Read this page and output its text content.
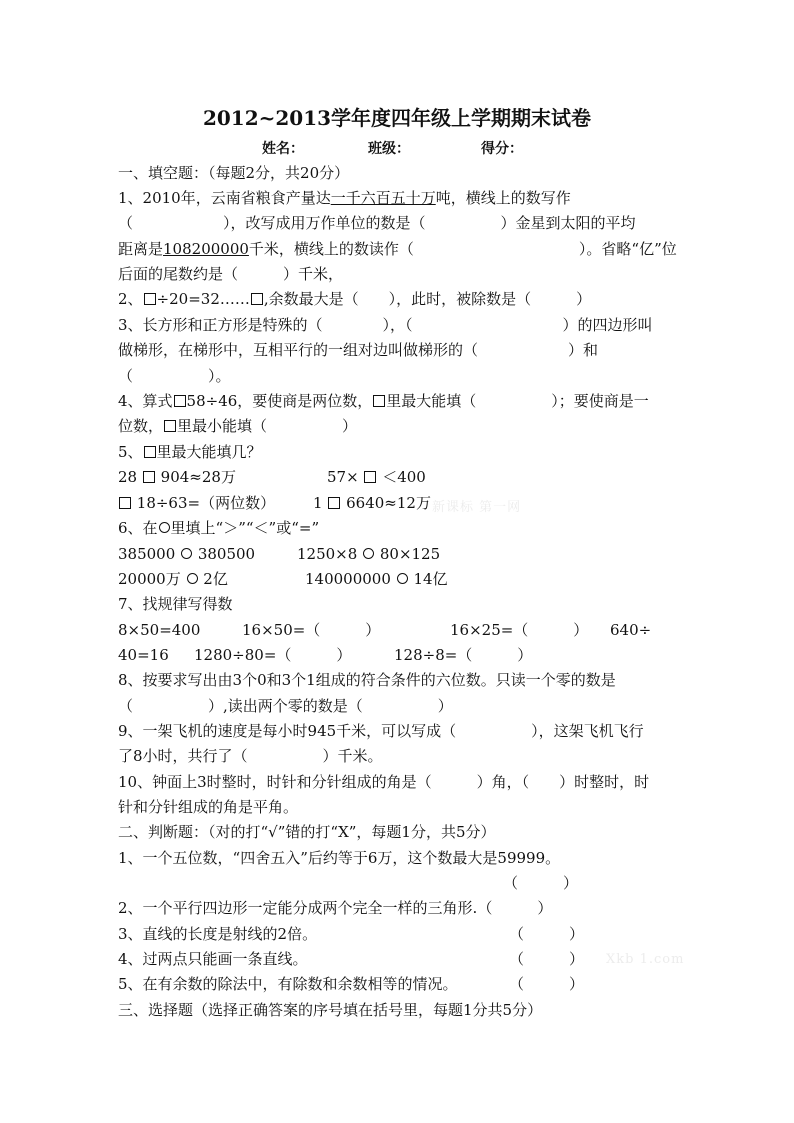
2012~2013学年度四年级上学期期末试卷
姓名：	班级：	得分：
新课标 第一网
Xkb 1.com
一、填空题：（每题2分，共20分）
1、2010年，云南省粮食产量达一千六百五十万吨，横线上的数写作
（　　　　　　），改写成用万作单位的数是（　　　　　）金星到太阳的平均
距离是108200000千米，横线上的数读作（　　　　　　　　　　　）。省略“亿”位
后面的尾数约是（　　　）千米，
2、 ÷20=32…… ,余数最大是（　　），此时，被除数是（　　　）
3、长方形和正方形是特殊的（　　　　），（　　　　　　　　　　）的四边形叫
做梯形，在梯形中，互相平行的一组对边叫做梯形的（　　　　　　）和
（　　　　　）。
4、算式 58÷46，要使商是两位数， 里最大能填（　　　　　）；要使商是一
位数， 里最小能填（　　　　　）
5、 里最大能填几？
28 904≈28万	57× ＜400
18÷63=（两位数）	1 6640≈12万
6、在 里填上“＞”“＜”或“=”
385000 380500	1250×8 80×125
20000万 2亿	140000000 14亿
7、找规律写得数
8×50=400	16×50=（　　　）	16×25=（　　　） 640÷
40=16 1280÷80=（　　　）	128÷8=（　　　）
8、按要求写出由3个0和3个1组成的符合条件的六位数。只读一个零的数是
（　　　　　）,读出两个零的数是（　　　　　）
9、一架飞机的速度是每小时945千米，可以写成（　　　　　），这架飞机飞行
了8小时，共行了（　　　　　）千米。
10、钟面上3时整时，时针和分针组成的角是（　　　）角，（　　）时整时，时
针和分针组成的角是平角。
二、判断题：（对的打“√”错的打“X”，每题1分，共5分）
1、一个五位数，“四舍五入”后约等于6万，这个数最大是59999。
（　　　）
2、一个平行四边形一定能分成两个完全一样的三角形.（　　　）
3、直线的长度是射线的2倍。	（　　　）
4、过两点只能画一条直线。	（　　　）
5、在有余数的除法中，有除数和余数相等的情况。	（　　　）
三、选择题（选择正确答案的序号填在括号里，每题1分共5分）
